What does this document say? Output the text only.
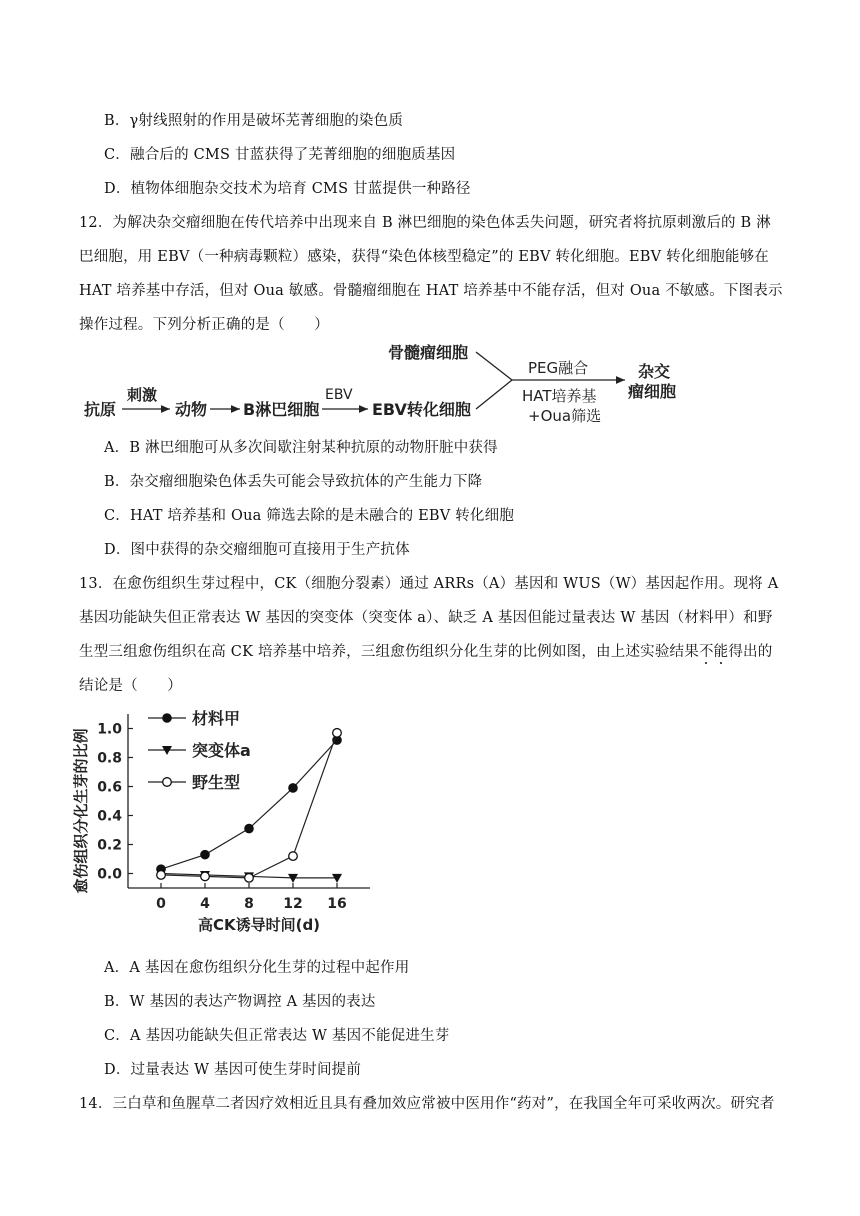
B．γ射线照射的作用是破坏芜菁细胞的染色质
C．融合后的 CMS 甘蓝获得了芜菁细胞的细胞质基因
D．植物体细胞杂交技术为培育 CMS 甘蓝提供一种路径
12．为解决杂交瘤细胞在传代培养中出现来自 B 淋巴细胞的染色体丢失问题，研究者将抗原刺激后的 B 淋
巴细胞，用 EBV（一种病毒颗粒）感染，获得“染色体核型稳定”的 EBV 转化细胞。EBV 转化细胞能够在
HAT 培养基中存活，但对 Oua 敏感。骨髓瘤细胞在 HAT 培养基中不能存活，但对 Oua 不敏感。下图表示
操作过程。下列分析正确的是（　　）
抗原
刺激
动物 B淋巴细胞
EBV
EBV转化细胞
骨髓瘤细胞
PEG融合
HAT培养基
+Oua筛选
杂交
瘤细胞
A．B 淋巴细胞可从多次间歇注射某种抗原的动物肝脏中获得
B．杂交瘤细胞染色体丢失可能会导致抗体的产生能力下降
C．HAT 培养基和 Oua 筛选去除的是未融合的 EBV 转化细胞
D．图中获得的杂交瘤细胞可直接用于生产抗体
13．在愈伤组织生芽过程中，CK（细胞分裂素）通过 ARRs（A）基因和 WUS（W）基因起作用。现将 A
基因功能缺失但正常表达 W 基因的突变体（突变体 a）、缺乏 A 基因但能过量表达 W 基因（材料甲）和野
生型三组愈伤组织在高 CK 培养基中培养，三组愈伤组织分化生芽的比例如图，由上述实验结果不能得出的
结论是（　　）
0.0
0.2
0.4
0.6
0.8
1.0
0 4 8 12 16
高CK诱导时间(d)
愈伤组织分化生芽的比例
材料甲
突变体a
野生型
A．A 基因在愈伤组织分化生芽的过程中起作用
B．W 基因的表达产物调控 A 基因的表达
C．A 基因功能缺失但正常表达 W 基因不能促进生芽
D．过量表达 W 基因可使生芽时间提前
14．三白草和鱼腥草二者因疗效相近且具有叠加效应常被中医用作“药对”，在我国全年可采收两次。研究者
